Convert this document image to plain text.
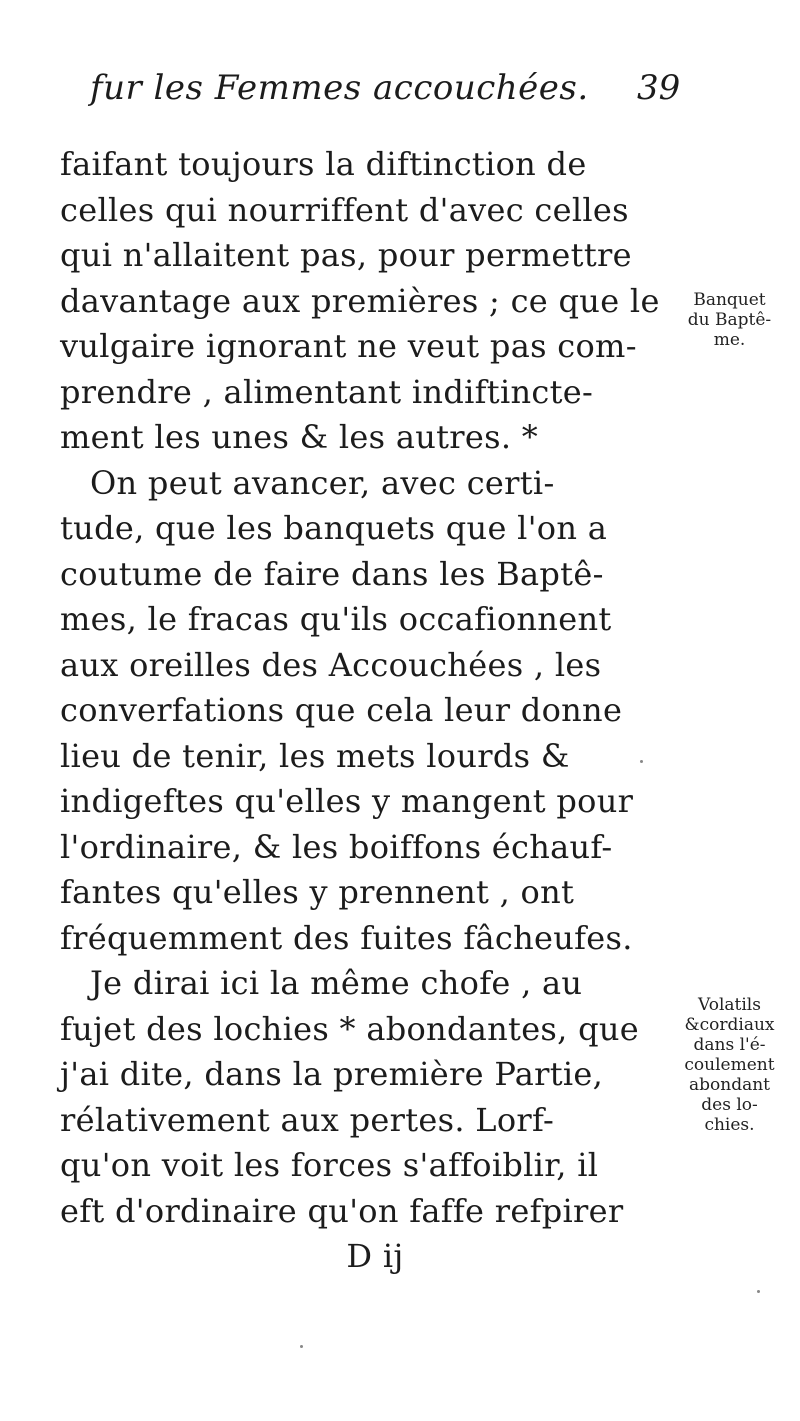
fur les Femmes accouchées. 39
faifant toujours la diftinction de
celles qui nourriffent d'avec celles
qui n'allaitent pas, pour permettre
davantage aux premières ; ce que le
vulgaire ignorant ne veut pas com-
prendre , alimentant indiftincte-
ment les unes & les autres. *
On peut avancer, avec certi-
tude, que les banquets que l'on a
coutume de faire dans les Baptê-
mes, le fracas qu'ils occafionnent
aux oreilles des Accouchées , les
converfations que cela leur donne
lieu de tenir, les mets lourds &
indigeftes qu'elles y mangent pour
l'ordinaire, & les boiffons échauf-
fantes qu'elles y prennent , ont
fréquemment des fuites fâcheufes.
Je dirai ici la même chofe , au
fujet des lochies * abondantes, que
j'ai dite, dans la première Partie,
rélativement aux pertes. Lorf-
qu'on voit les forces s'affoiblir, il
eft d'ordinaire qu'on faffe refpirer
D ij
Banquet
du Baptê-
me.
Volatils
&cordiaux
dans l'é-
coulement
abondant
des lo-
chies.
